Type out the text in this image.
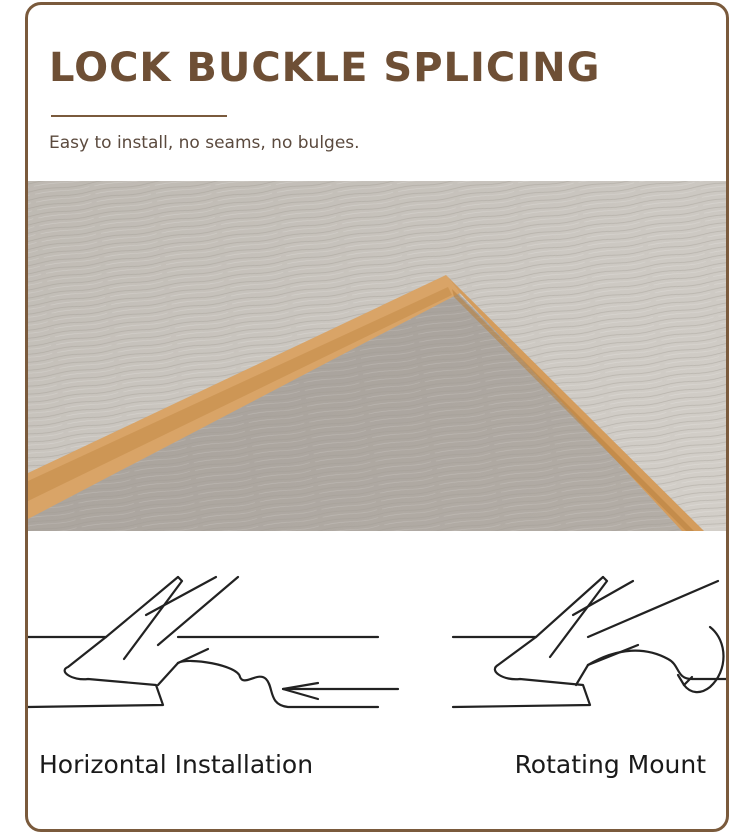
LOCK BUCKLE SPLICING

Easy to install, no seams, no bulges.

Horizontal Installation	Rotating Mount
